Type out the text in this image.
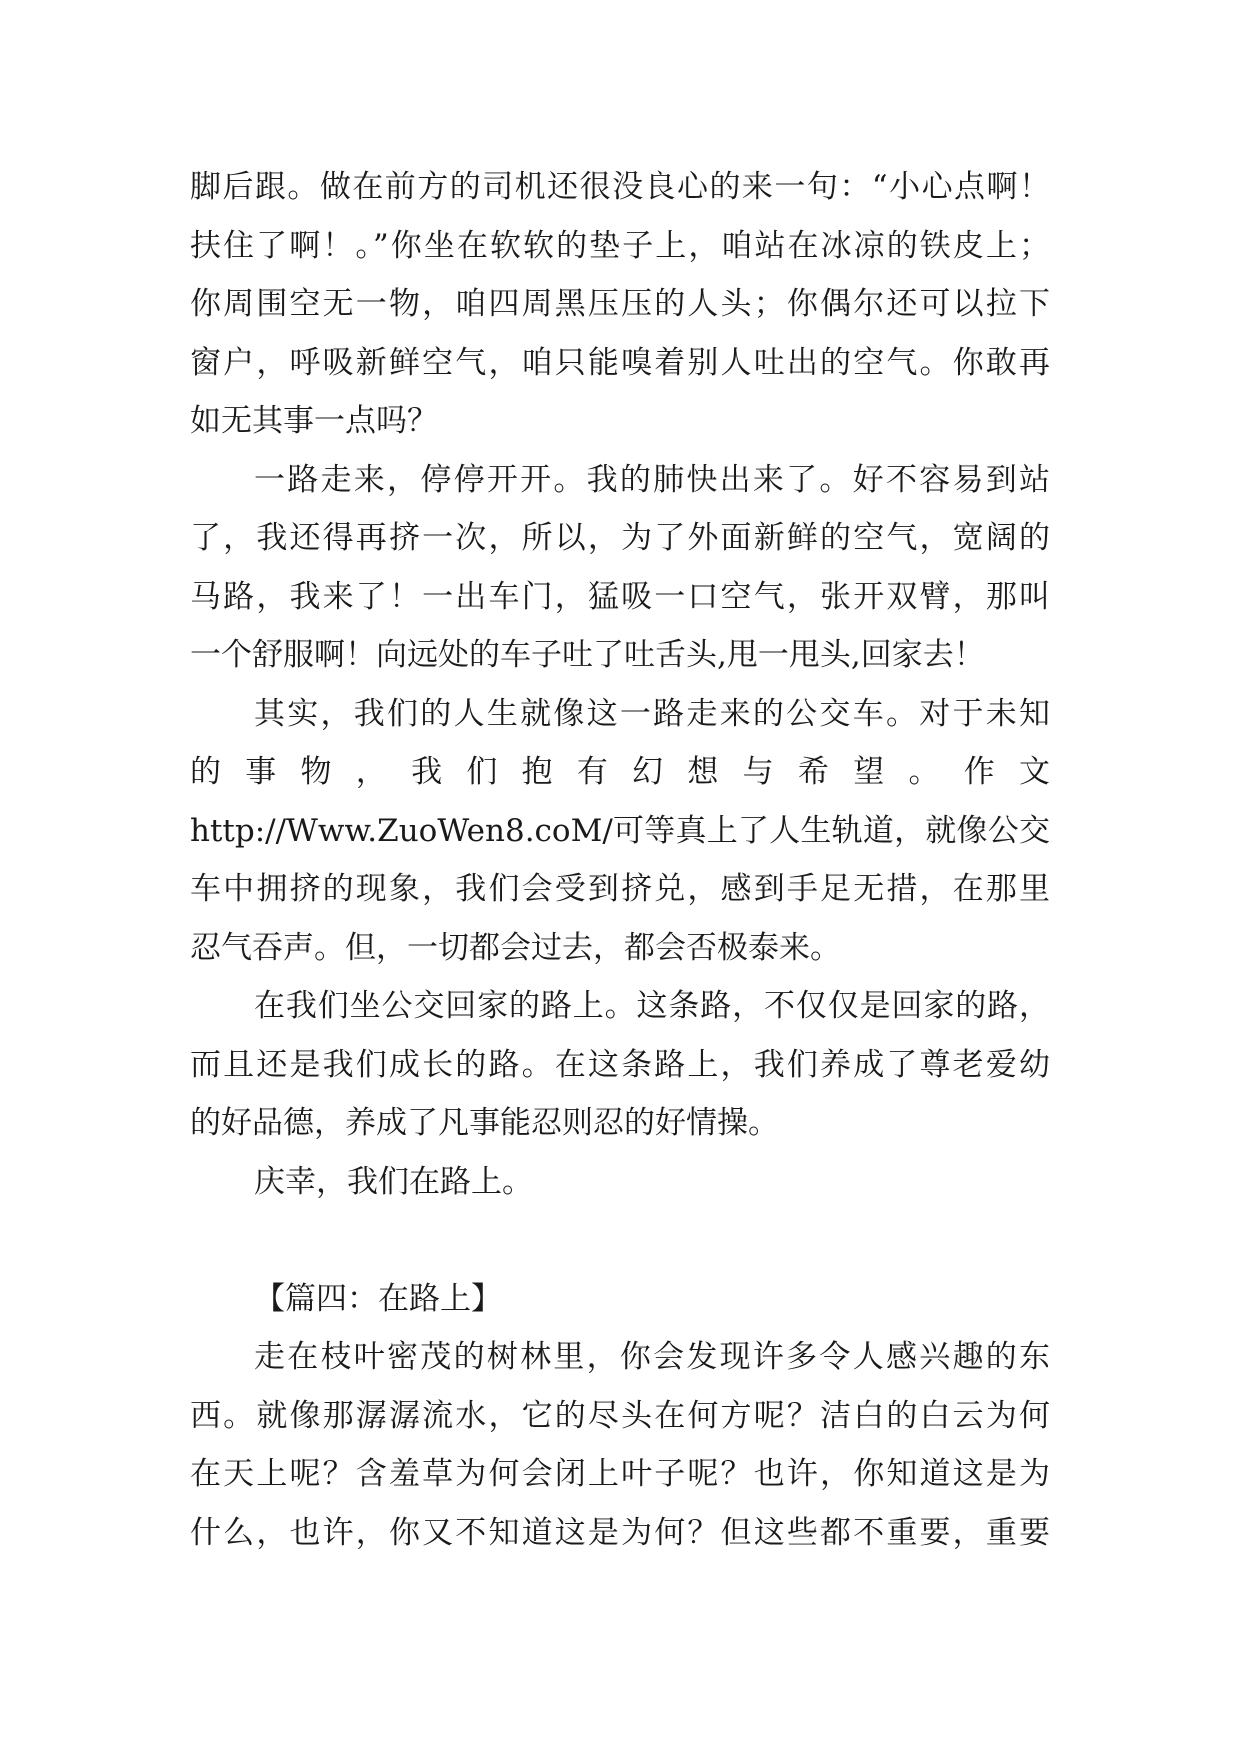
脚后跟。做在前方的司机还很没良心的来一句：“小心点啊！
扶住了啊！。”你坐在软软的垫子上，咱站在冰凉的铁皮上；
你周围空无一物，咱四周黑压压的人头；你偶尔还可以拉下
窗户，呼吸新鲜空气，咱只能嗅着别人吐出的空气。你敢再
如无其事一点吗？
一路走来，停停开开。我的肺快出来了。好不容易到站
了，我还得再挤一次，所以，为了外面新鲜的空气，宽阔的
马路，我来了！一出车门，猛吸一口空气，张开双臂，那叫
一个舒服啊！向远处的车子吐了吐舌头,甩一甩头,回家去！
其实，我们的人生就像这一路走来的公交车。对于未知
的 事 物 ， 我 们 抱 有 幻 想 与 希 望 。 作 文
http://Www.ZuoWen8.coM/可等真上了人生轨道，就像公交
车中拥挤的现象，我们会受到挤兑，感到手足无措，在那里
忍气吞声。但，一切都会过去，都会否极泰来。
在我们坐公交回家的路上。这条路，不仅仅是回家的路，
而且还是我们成长的路。在这条路上，我们养成了尊老爱幼
的好品德，养成了凡事能忍则忍的好情操。
庆幸，我们在路上。
【篇四：在路上】
走在枝叶密茂的树林里，你会发现许多令人感兴趣的东
西。就像那潺潺流水，它的尽头在何方呢？洁白的白云为何
在天上呢？含羞草为何会闭上叶子呢？也许，你知道这是为
什么，也许，你又不知道这是为何？但这些都不重要，重要
